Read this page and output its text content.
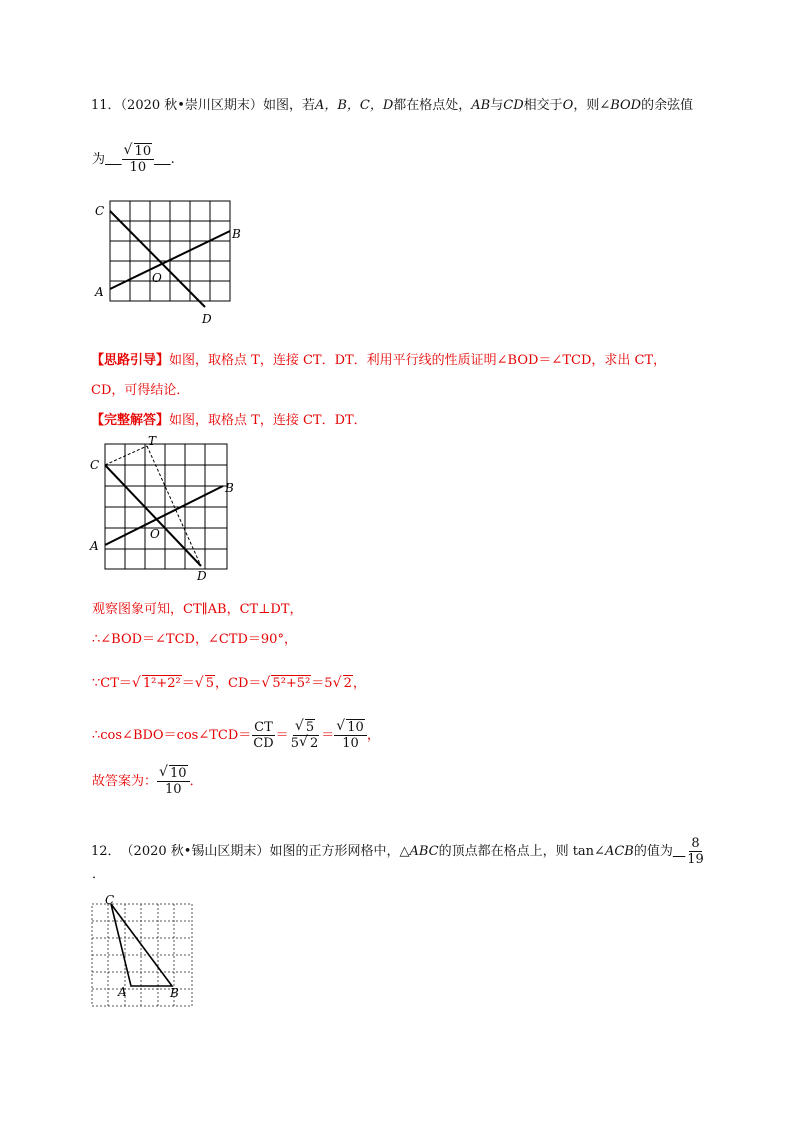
11．（2020 秋•崇川区期末）如图，若A，B，C，D都在格点处，AB与CD相交于O，则∠BOD的余弦值
为 √ $\frac{10}{10}$ .
C
B
A
O
D
【思路引导】如图，取格点 T，连接 CT．DT．利用平行线的性质证明∠BOD＝∠TCD，求出 CT，
CD，可得结论．
【完整解答】如图，取格点 T，连接 CT．DT．
T
C
B
A
O
D
观察图象可知，CT∥AB，CT⊥DT，
∴∠BOD＝∠TCD，∠CTD＝90°，
∵CT＝ √ 1²+2²＝ √ 5，CD＝ √ 5²+5²＝5 √ 2，
∴cos∠BDO＝cos∠TCD＝ $\frac{CT}{CD}$ ＝ √ $\frac{5}{5 √ 2}$ ＝ √ $\frac{10}{10}$ ，
故答案为： √ $\frac{10}{10}$ ．
12． （2020 秋•锡山区期末） 如图的正方形网格中，△ ABC 的顶点都在格点上，则 tan∠ ACB 的值为
$\frac{8}{19}$
．
C
A	B
